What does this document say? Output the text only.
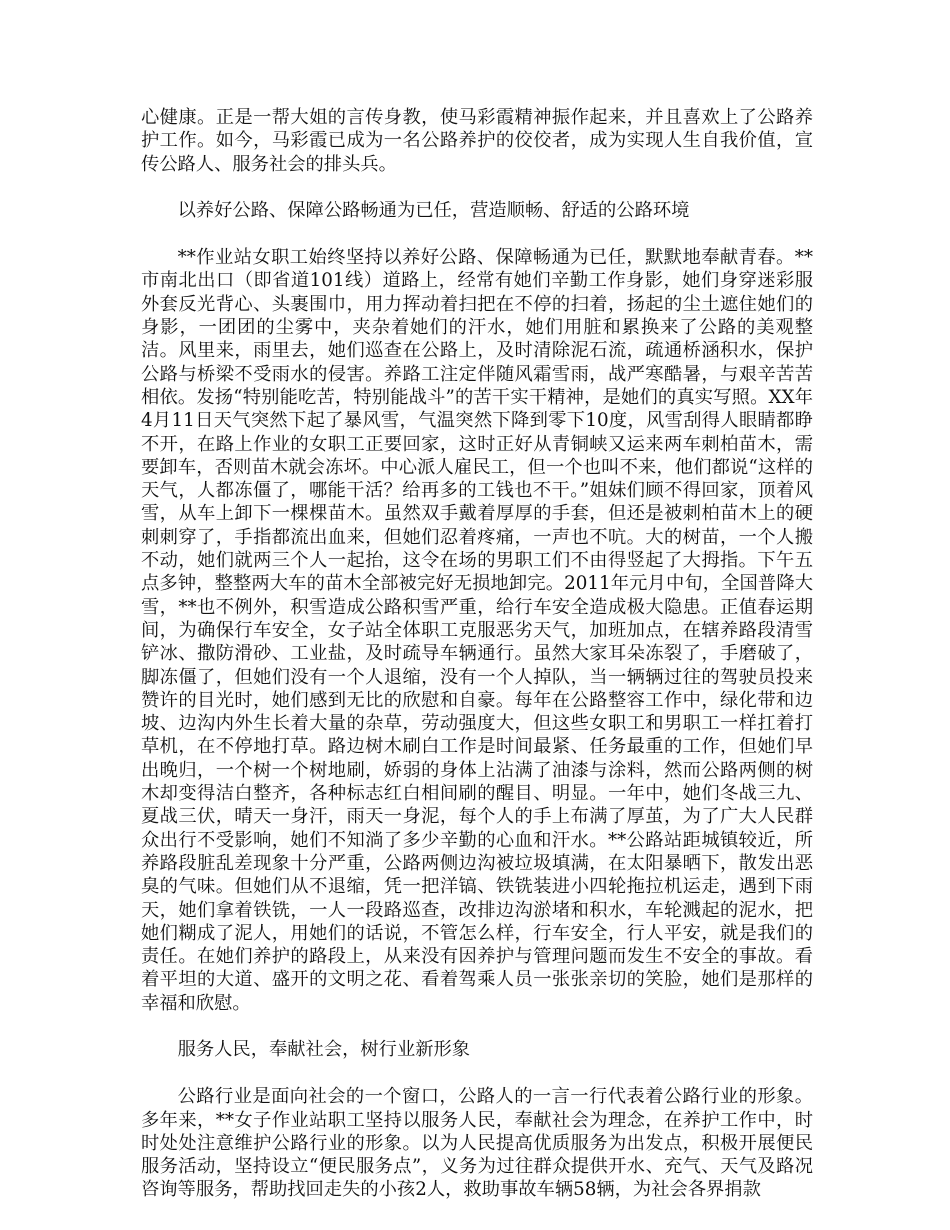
心健康。正是一帮大姐的言传身教，使马彩霞精神振作起来，并且喜欢上了公路养护工作。如今，马彩霞已成为一名公路养护的佼佼者，成为实现人生自我价值，宣传公路人、服务社会的排头兵。

以养好公路、保障公路畅通为已任，营造顺畅、舒适的公路环境

**作业站女职工始终坚持以养好公路、保障畅通为已任，默默地奉献青春。**市南北出口（即省道101线）道路上，经常有她们辛勤工作身影，她们身穿迷彩服外套反光背心、头裹围巾，用力挥动着扫把在不停的扫着，扬起的尘土遮住她们的身影，一团团的尘雾中，夹杂着她们的汗水，她们用脏和累换来了公路的美观整洁。风里来，雨里去，她们巡查在公路上，及时清除泥石流，疏通桥涵积水，保护公路与桥梁不受雨水的侵害。养路工注定伴随风霜雪雨，战严寒酷暑，与艰辛苦苦相依。发扬“特别能吃苦，特别能战斗”的苦干实干精神，是她们的真实写照。XX年4月11日天气突然下起了暴风雪，气温突然下降到零下10度，风雪刮得人眼睛都睁不开，在路上作业的女职工正要回家，这时正好从青铜峡又运来两车刺柏苗木，需要卸车，否则苗木就会冻坏。中心派人雇民工，但一个也叫不来，他们都说“这样的天气，人都冻僵了，哪能干活？给再多的工钱也不干。”姐妹们顾不得回家，顶着风雪，从车上卸下一棵棵苗木。虽然双手戴着厚厚的手套，但还是被刺柏苗木上的硬刺刺穿了，手指都流出血来，但她们忍着疼痛，一声也不吭。大的树苗，一个人搬不动，她们就两三个人一起抬，这令在场的男职工们不由得竖起了大拇指。下午五点多钟，整整两大车的苗木全部被完好无损地卸完。2011年元月中旬，全国普降大雪，**也不例外，积雪造成公路积雪严重，给行车安全造成极大隐患。正值春运期间，为确保行车安全，女子站全体职工克服恶劣天气，加班加点，在辖养路段清雪铲冰、撒防滑砂、工业盐，及时疏导车辆通行。虽然大家耳朵冻裂了，手磨破了，脚冻僵了，但她们没有一个人退缩，没有一个人掉队，当一辆辆过往的驾驶员投来赞许的目光时，她们感到无比的欣慰和自豪。每年在公路整容工作中，绿化带和边坡、边沟内外生长着大量的杂草，劳动强度大，但这些女职工和男职工一样扛着打草机，在不停地打草。路边树木刷白工作是时间最紧、任务最重的工作，但她们早出晚归，一个树一个树地刷，娇弱的身体上沾满了油漆与涂料，然而公路两侧的树木却变得洁白整齐，各种标志红白相间刷的醒目、明显。一年中，她们冬战三九、夏战三伏，晴天一身汗，雨天一身泥，每个人的手上布满了厚茧，为了广大人民群众出行不受影响，她们不知淌了多少辛勤的心血和汗水。**公路站距城镇较近，所养路段脏乱差现象十分严重，公路两侧边沟被垃圾填满，在太阳暴晒下，散发出恶臭的气味。但她们从不退缩，凭一把洋镐、铁铣装进小四轮拖拉机运走，遇到下雨天，她们拿着铁铣，一人一段路巡查，改排边沟淤堵和积水，车轮溅起的泥水，把她们糊成了泥人，用她们的话说，不管怎么样，行车安全，行人平安，就是我们的责任。在她们养护的路段上，从来没有因养护与管理问题而发生不安全的事故。看着平坦的大道、盛开的文明之花、看着驾乘人员一张张亲切的笑脸，她们是那样的幸福和欣慰。

服务人民，奉献社会，树行业新形象

公路行业是面向社会的一个窗口，公路人的一言一行代表着公路行业的形象。多年来，**女子作业站职工坚持以服务人民，奉献社会为理念，在养护工作中，时时处处注意维护公路行业的形象。以为人民提高优质服务为出发点，积极开展便民服务活动，坚持设立“便民服务点”，义务为过往群众提供开水、充气、天气及路况咨询等服务，帮助找回走失的小孩2人，救助事故车辆58辆，为社会各界捐款
